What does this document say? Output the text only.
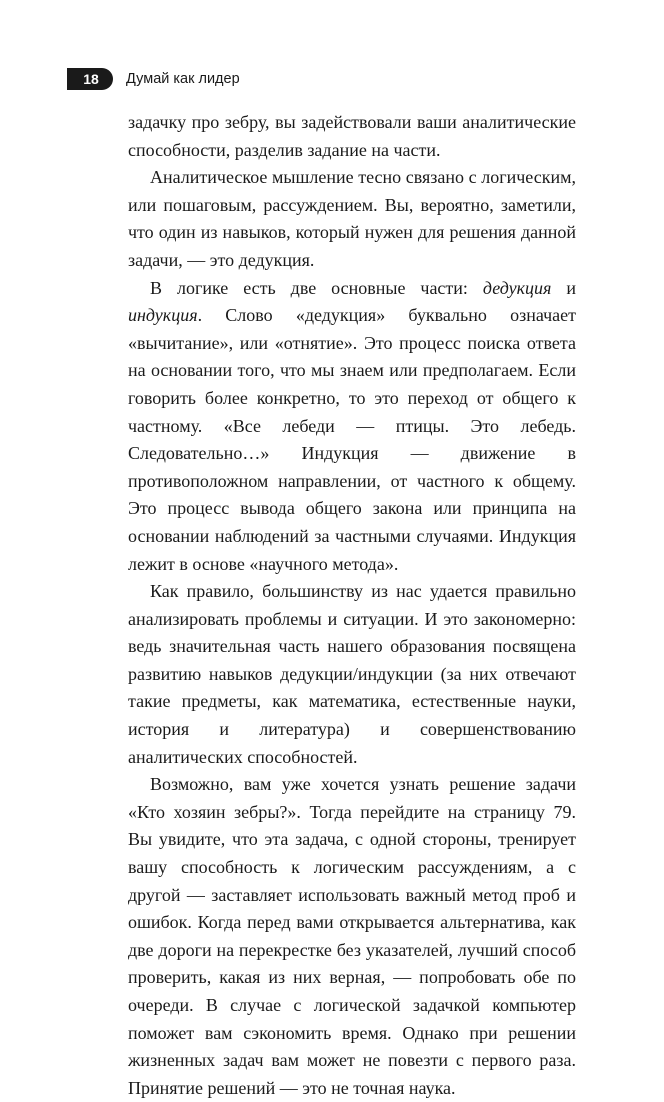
18	Думай как лидер

задачку про зебру, вы задействовали ваши аналитические способности, разделив задание на части.

Аналитическое мышление тесно связано с логическим, или пошаговым, рассуждением. Вы, вероятно, заметили, что один из навыков, который нужен для решения данной задачи, — это дедукция.

В логике есть две основные части: дедукция и индукция. Слово «дедукция» буквально означает «вычитание», или «отнятие». Это процесс поиска ответа на основании того, что мы знаем или предполагаем. Если говорить более конкретно, то это переход от общего к частному. «Все лебеди — птицы. Это лебедь. Следовательно…» Индукция — движение в противоположном направлении, от частного к общему. Это процесс вывода общего закона или принципа на основании наблюдений за частными случаями. Индукция лежит в основе «научного метода».

Как правило, большинству из нас удается правильно анализировать проблемы и ситуации. И это закономерно: ведь значительная часть нашего образования посвящена развитию навыков дедукции/индукции (за них отвечают такие предметы, как математика, естественные науки, история и литература) и совершенствованию аналитических способностей.

Возможно, вам уже хочется узнать решение задачи «Кто хозяин зебры?». Тогда перейдите на страницу 79. Вы увидите, что эта задача, с одной стороны, тренирует вашу способность к логическим рассуждениям, а с другой — заставляет использовать важный метод проб и ошибок. Когда перед вами открывается альтернатива, как две дороги на перекрестке без указателей, лучший способ проверить, какая из них верная, — попробовать обе по очереди. В случае с логической задачкой компьютер поможет вам сэкономить время. Однако при решении жизненных задач вам может не повезти с первого раза. Принятие решений — это не точная наука.
